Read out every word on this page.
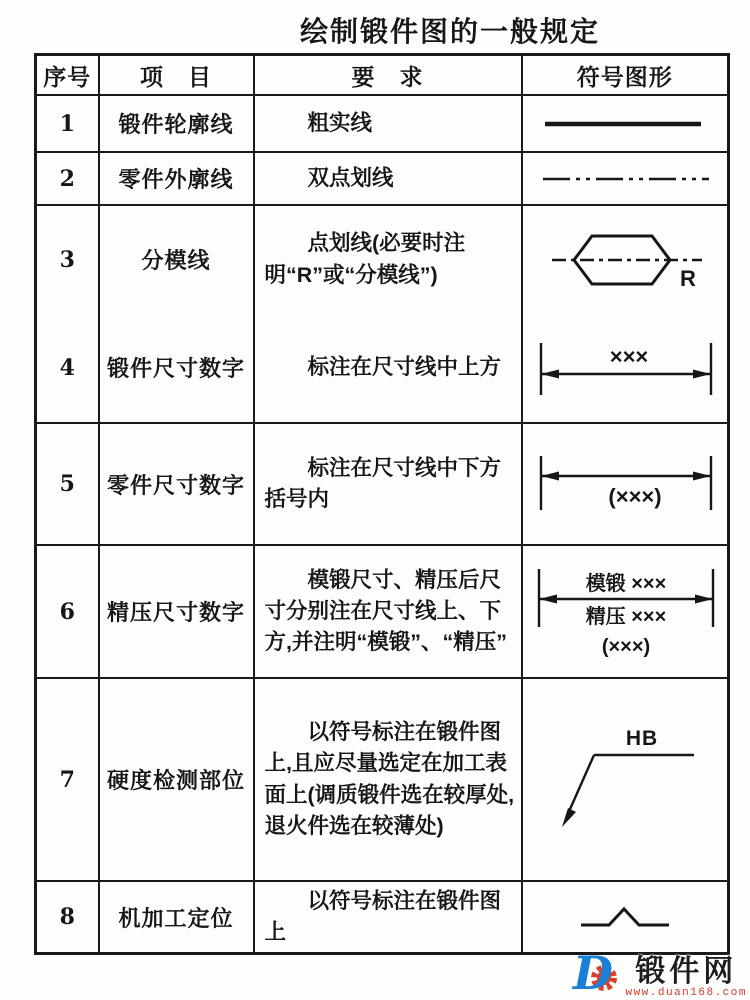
绘制锻件图的一般规定
序号	项　目	要　求	符号图形
1	锻件轮廓线	粗实线

2	零件外廓线	双点划线

3	分模线	点划线(必要时注明“R”或“分模线”)	R

4	锻件尺寸数字	标注在尺寸线中上方	×××

5	零件尺寸数字	标注在尺寸线中下方括号内	(×××)

6	精压尺寸数字	模锻尺寸、精压后尺寸分别注在尺寸线上、下方,并注明“模锻”、“精压”	模锻 ×××
精压 ×××
(×××)

7	硬度检测部位	以符号标注在锻件图上,且应尽量选定在加工表面上(调质锻件选在较厚处,退火件选在较薄处)	HB

8	机加工定位	以符号标注在锻件图上

D 锻件网
www.duan168.com
